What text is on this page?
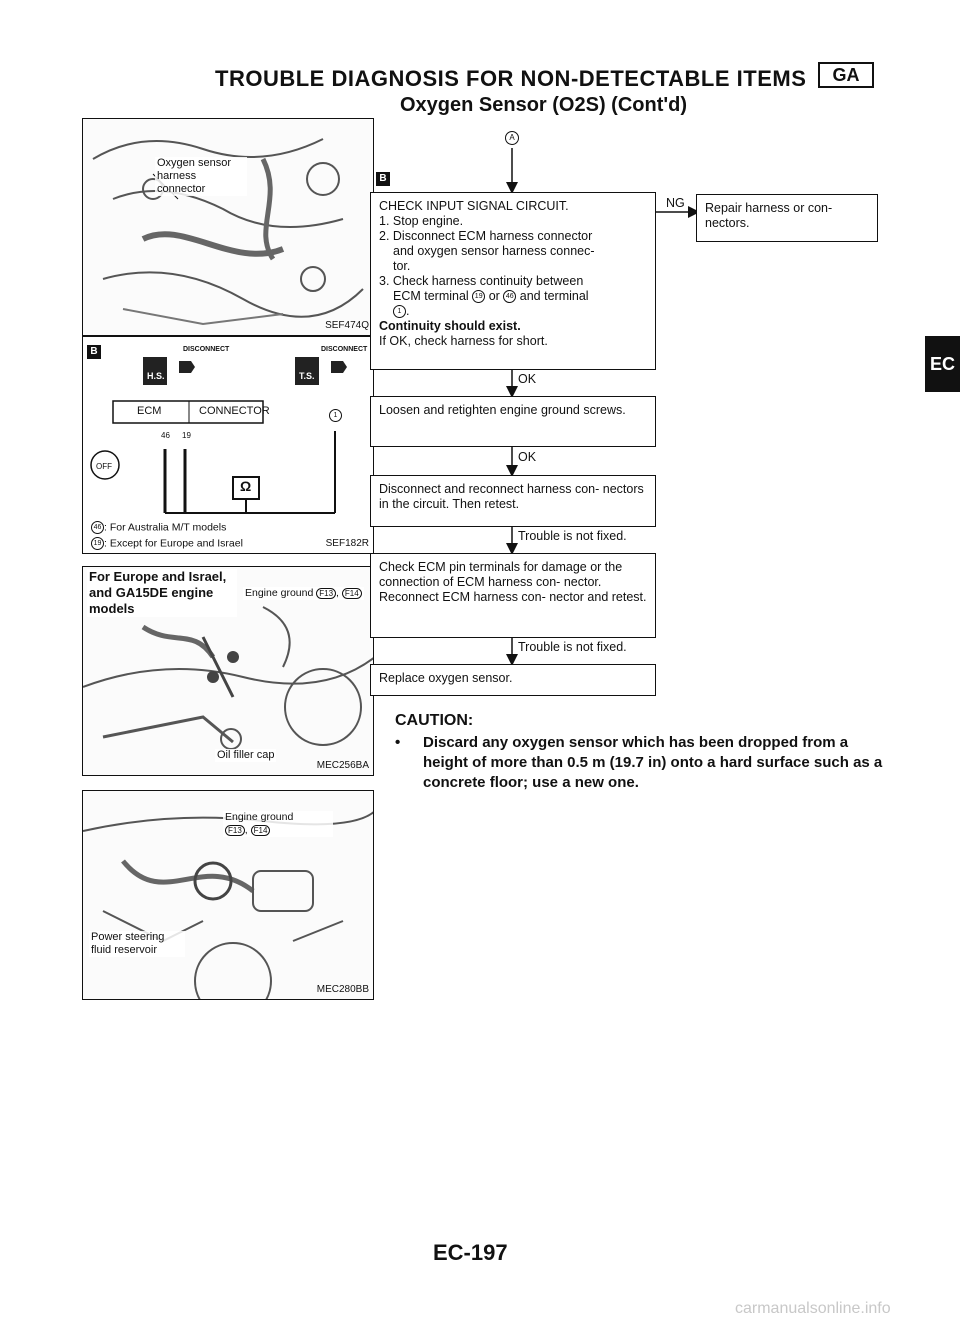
TROUBLE DIAGNOSIS FOR NON-DETECTABLE ITEMS	GA
Oxygen Sensor (O2S) (Cont'd)
EC
Oxygen sensor harness connector
SEF474Q
B	DISCONNECT	DISCONNECT
H.S.	T.S.
ECM	CONNECTOR
46 19
1
Ω
OFF
46 : For Australia M/T models
19 : Except for Europe and Israel	SEF182R
For Europe and Israel, and GA15DE engine models
Engine ground F13 , F14
Oil filler cap
MEC256BA
Engine ground
F13 , F14
Power steering fluid reservoir
MEC280BB
A
B

CHECK INPUT SIGNAL CIRCUIT.

1. Stop engine.

2. Disconnect ECM harness connector

and oxygen sensor harness connec-

tor.

3. Check harness continuity between

ECM terminal 19 or 46 and terminal

1 .

Continuity should exist.

If OK, check harness for short.

NG	Repair harness or con- nectors.
OK
Loosen and retighten engine ground screws.
OK
Disconnect and reconnect harness con- nectors in the circuit. Then retest.
Trouble is not fixed.
Check ECM pin terminals for damage or the connection of ECM harness con- nector. Reconnect ECM harness con- nector and retest.
Trouble is not fixed.
Replace oxygen sensor.
CAUTION:
•	Discard any oxygen sensor which has been dropped from a height of more than 0.5 m (19.7 in) onto a hard surface such as a concrete floor; use a new one.
EC-197
carmanualsonline.info
